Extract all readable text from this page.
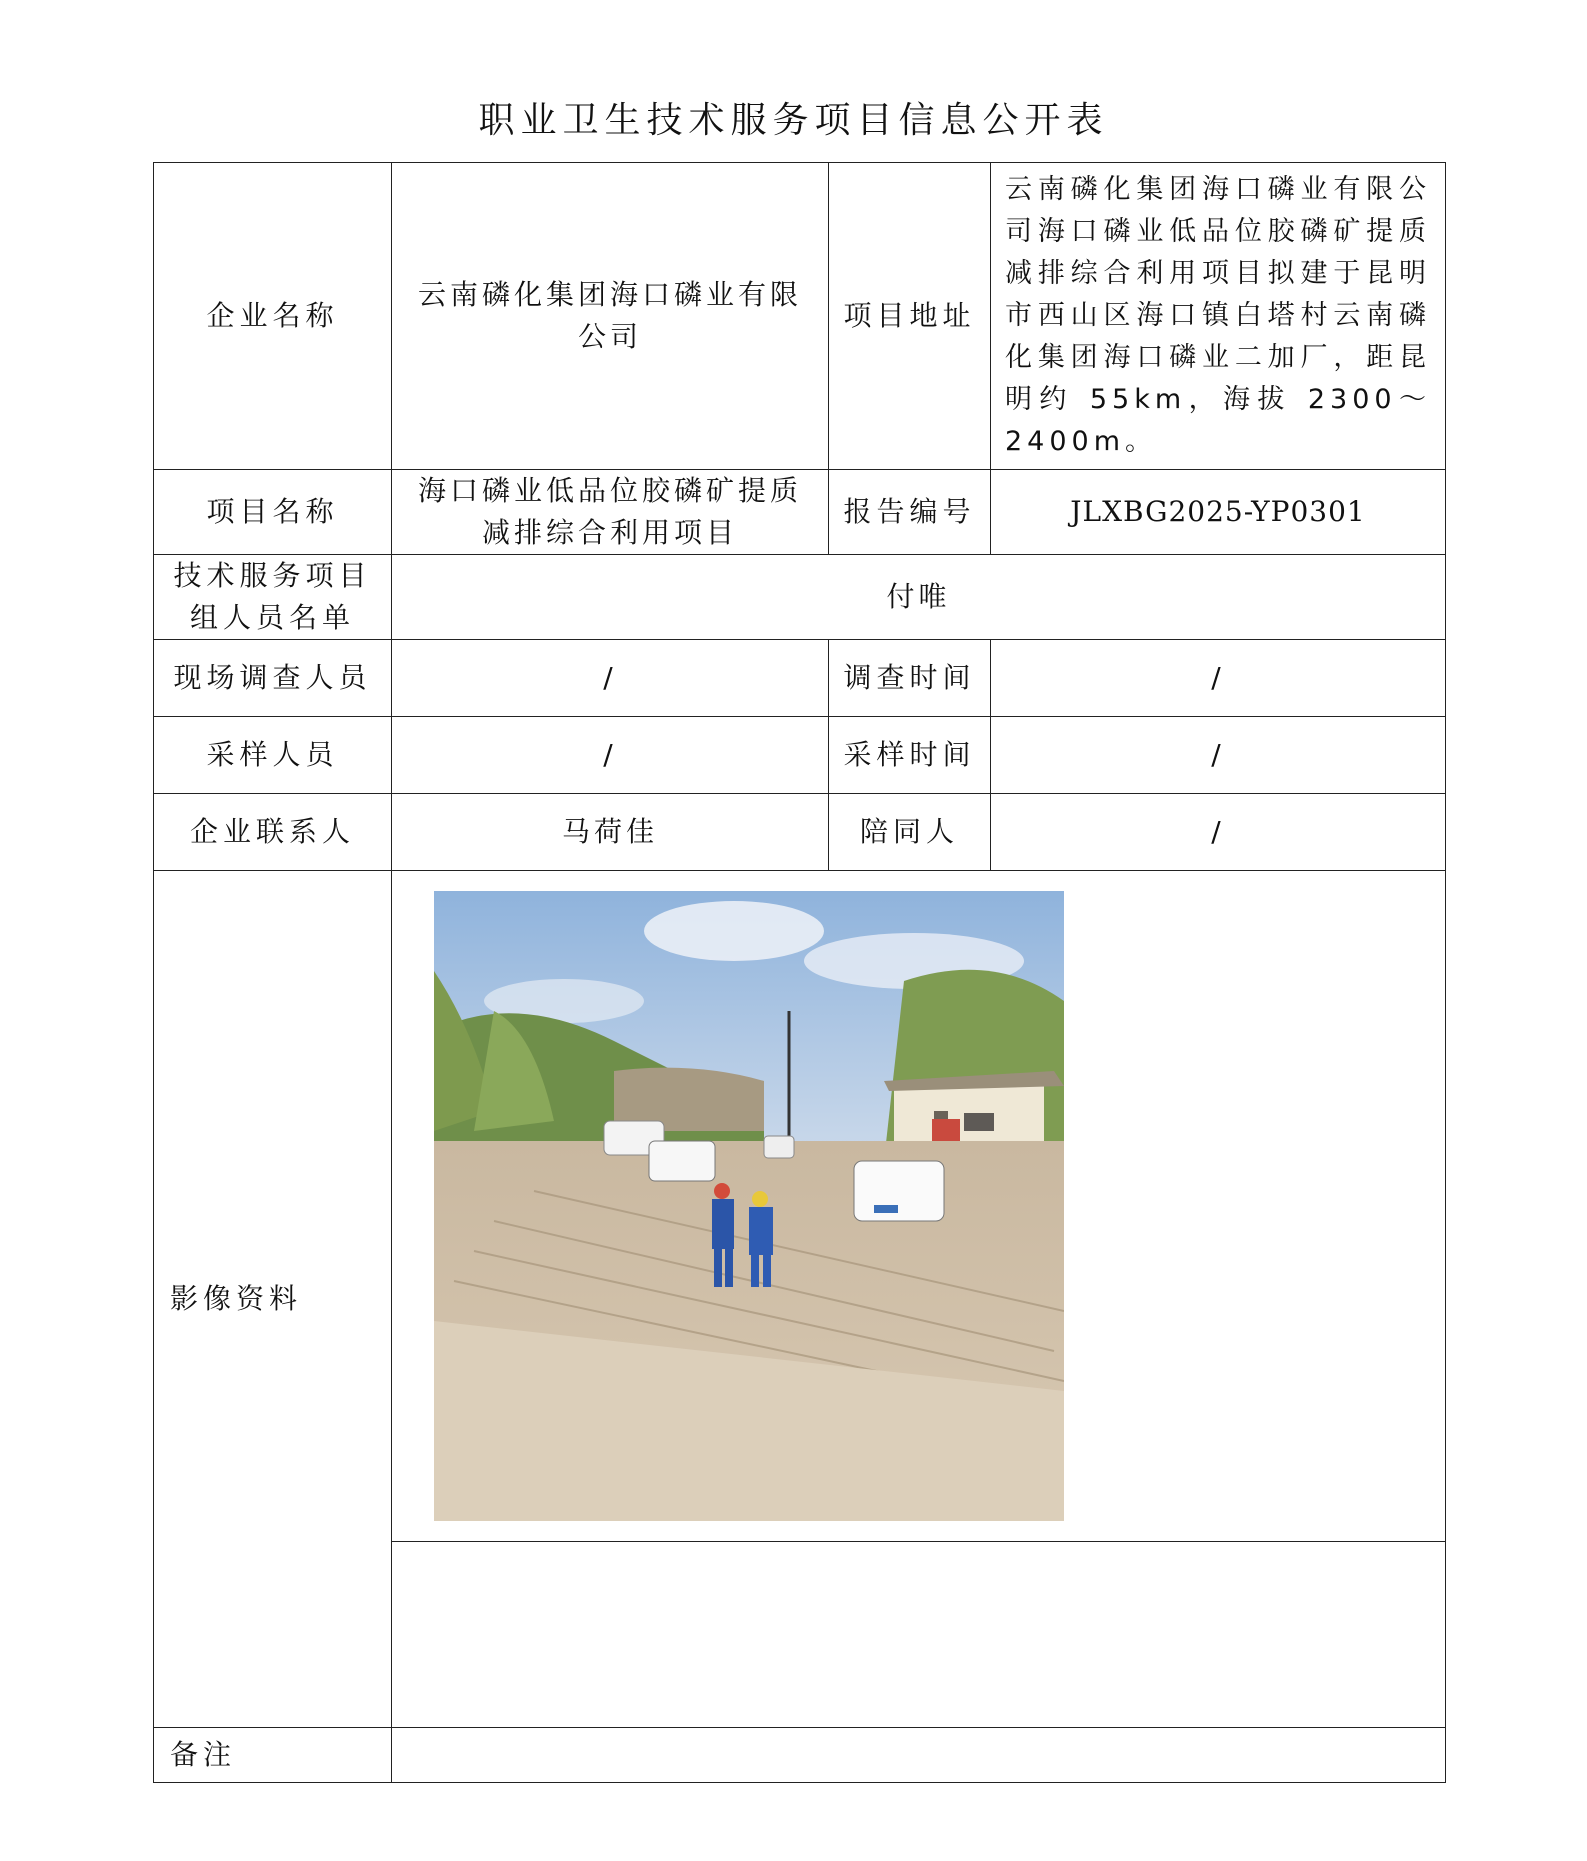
职业卫生技术服务项目信息公开表
企业名称	云南磷化集团海口磷业有限公司	项目地址	云南磷化集团海口磷业有限公司海口磷业低品位胶磷矿提质减排综合利用项目拟建于昆明市西山区海口镇白塔村云南磷化集团海口磷业二加厂，距昆明约 55km，海拔 2300～2400m。
项目名称	海口磷业低品位胶磷矿提质减排综合利用项目	报告编号	JLXBG2025-YP0301
技术服务项目组人员名单	付唯		
现场调查人员	/	调查时间	/
采样人员	/	采样时间	/
企业联系人	马荷佳	陪同人	/
影像资料	

备注			
